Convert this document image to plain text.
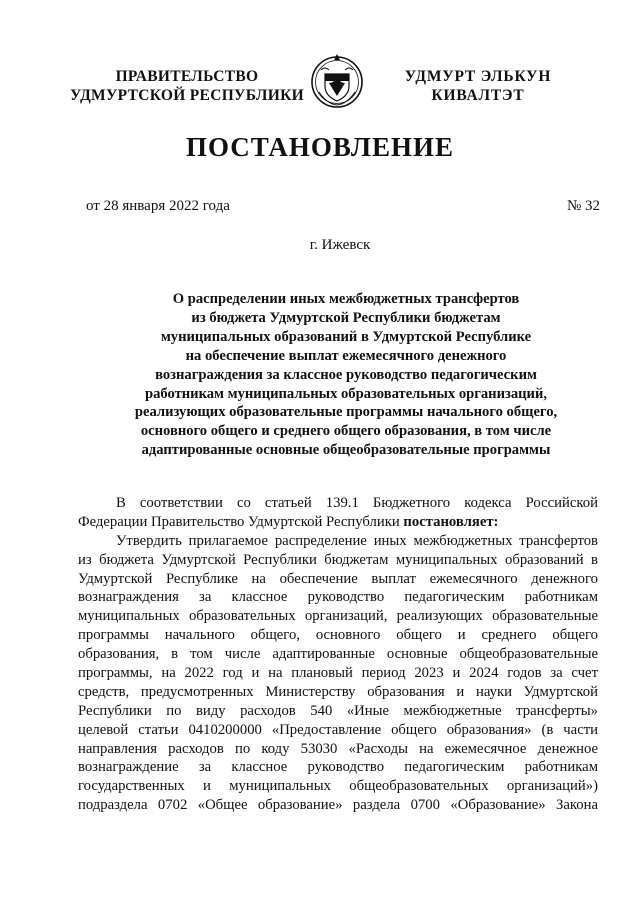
ПРАВИТЕЛЬСТВО
УДМУРТСКОЙ РЕСПУБЛИКИ
УДМУРТ ЭЛЬКУН
КИВАЛТЭТ
ПОСТАНОВЛЕНИЕ
от 28 января 2022 года	№ 32
г. Ижевск
О распределении иных межбюджетных трансфертов
из бюджета Удмуртской Республики бюджетам
муниципальных образований в Удмуртской Республике
на обеспечение выплат ежемесячного денежного
вознаграждения за классное руководство педагогическим
работникам муниципальных образовательных организаций,
реализующих образовательные программы начального общего,
основного общего и среднего общего образования, в том числе
адаптированные основные общеобразовательные программы
В соответствии со статьей 139.1 Бюджетного кодекса Российской
Федерации Правительство Удмуртской Республики постановляет:
Утвердить прилагаемое распределение иных межбюджетных трансфертов
из бюджета Удмуртской Республики бюджетам муниципальных образований в
Удмуртской Республике на обеспечение выплат ежемесячного денежного
вознаграждения за классное руководство педагогическим работникам
муниципальных образовательных организаций, реализующих образовательные
программы начального общего, основного общего и среднего общего
образования, в том числе адаптированные основные общеобразовательные
программы, на 2022 год и на плановый период 2023 и 2024 годов за счет
средств, предусмотренных Министерству образования и науки Удмуртской
Республики по виду расходов 540 «Иные межбюджетные трансферты»
целевой статьи 0410200000 «Предоставление общего образования» (в части
направления расходов по коду 53030 «Расходы на ежемесячное денежное
вознаграждение за классное руководство педагогическим работникам
государственных и муниципальных общеобразовательных организаций»)
подраздела 0702 «Общее образование» раздела 0700 «Образование» Закона
